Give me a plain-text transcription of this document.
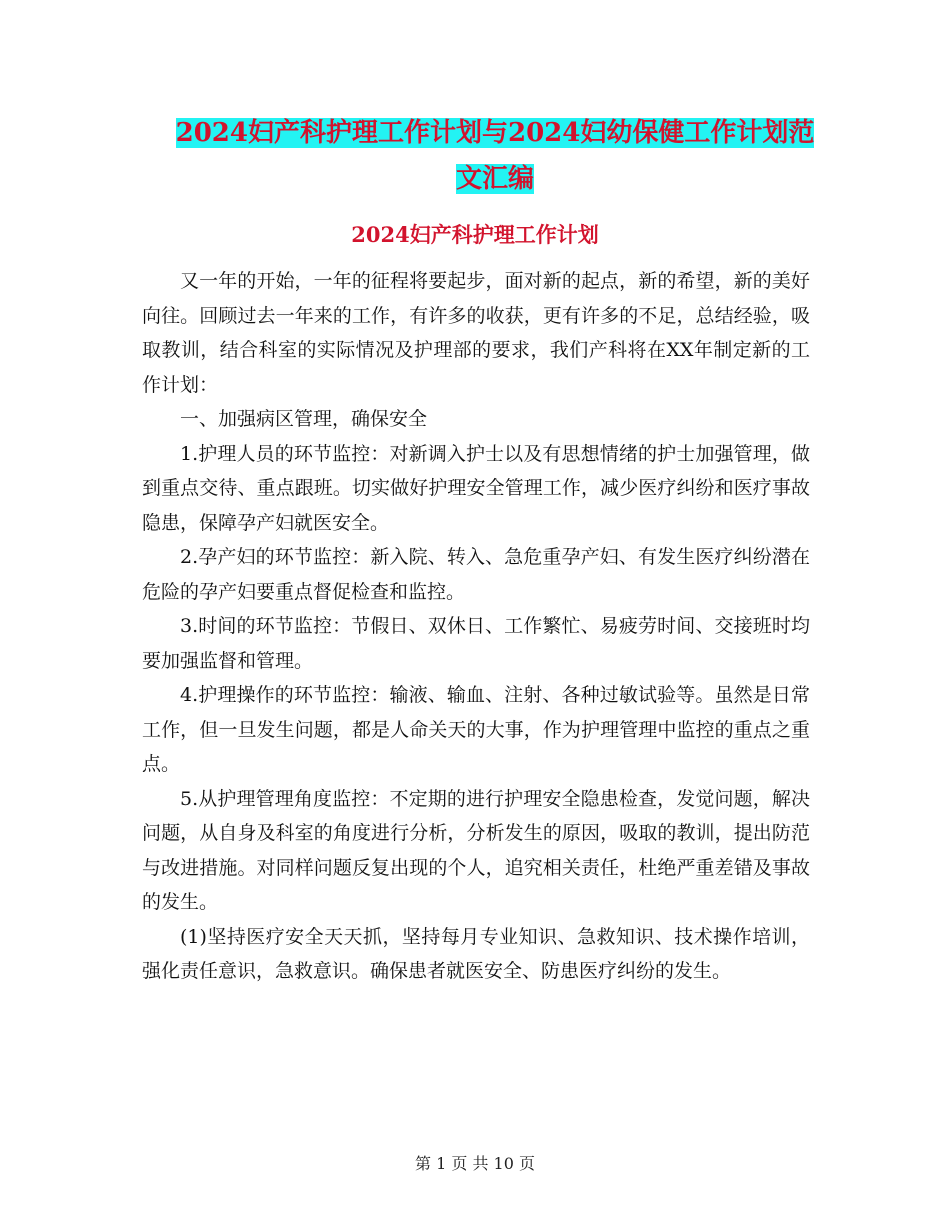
2024妇产科护理工作计划与2024妇幼保健工作计划范
文汇编
2024妇产科护理工作计划

又一年的开始，一年的征程将要起步，面对新的起点，新的希望，新的美好向往。回顾过去一年来的工作，有许多的收获，更有许多的不足，总结经验，吸取教训，结合科室的实际情况及护理部的要求，我们产科将在XX年制定新的工作计划：

一、加强病区管理，确保安全

1.护理人员的环节监控：对新调入护士以及有思想情绪的护士加强管理，做到重点交待、重点跟班。切实做好护理安全管理工作，减少医疗纠纷和医疗事故隐患，保障孕产妇就医安全。

2.孕产妇的环节监控：新入院、转入、急危重孕产妇、有发生医疗纠纷潜在危险的孕产妇要重点督促检查和监控。

3.时间的环节监控：节假日、双休日、工作繁忙、易疲劳时间、交接班时均要加强监督和管理。

4.护理操作的环节监控：输液、输血、注射、各种过敏试验等。虽然是日常工作，但一旦发生问题，都是人命关天的大事，作为护理管理中监控的重点之重点。

5.从护理管理角度监控：不定期的进行护理安全隐患检查，发觉问题，解决问题，从自身及科室的角度进行分析，分析发生的原因，吸取的教训，提出防范与改进措施。对同样问题反复出现的个人，追究相关责任，杜绝严重差错及事故的发生。

(1)坚持医疗安全天天抓，坚持每月专业知识、急救知识、技术操作培训，强化责任意识，急救意识。确保患者就医安全、防患医疗纠纷的发生。

第 1 页 共 10 页
